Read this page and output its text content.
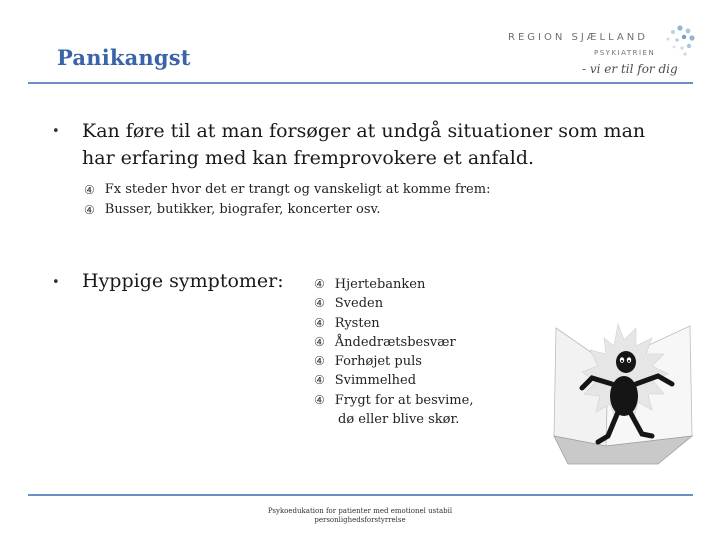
Panikangst
REGION SJÆLLAND
PSYKIATRIEN
- vi er til for dig
• Kan føre til at man forsøger at undgå situationer som man har erfaring med kan fremprovokere et anfald.
④ Fx steder hvor det er trangt og vanskeligt at komme frem:
④ Busser, butikker, biografer, koncerter osv.
• Hyppige symptomer:	④ Hjertebanken
④ Sveden
④ Rysten
④ Åndedrætsbesvær
④ Forhøjet puls
④ Svimmelhed
④ Frygt for at besvime,
dø eller blive skør.
Psykoedukation for patienter med emotionel ustabil
personlighedsforstyrrelse
